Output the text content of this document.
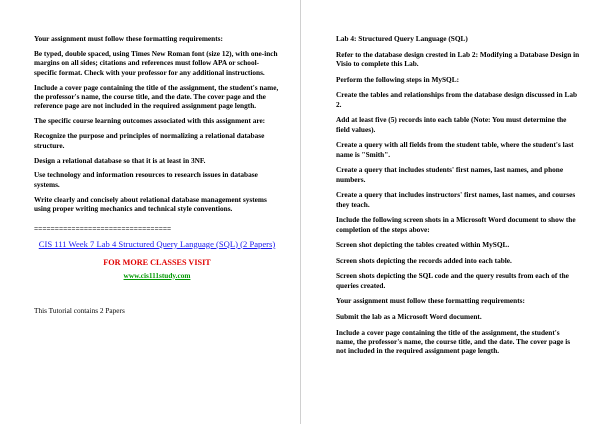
Your assignment must follow these formatting requirements:

Be typed, double spaced, using Times New Roman font (size 12), with one-inch margins on all sides; citations and references must follow APA or school-specific format. Check with your professor for any additional instructions.

Include a cover page containing the title of the assignment, the student's name, the professor's name, the course title, and the date. The cover page and the reference page are not included in the required assignment page length.

The specific course learning outcomes associated with this assignment are:

Recognize the purpose and principles of normalizing a relational database structure.

Design a relational database so that it is at least in 3NF.

Use technology and information resources to research issues in database systems.

Write clearly and concisely about relational database management systems using proper writing mechanics and technical style conventions.

=================================
CIS 111 Week 7 Lab 4 Structured Query Language (SQL) (2 Papers)
FOR MORE CLASSES VISIT
www.cis111study.com

This Tutorial contains 2 Papers

Lab 4: Structured Query Language (SQL)

Refer to the database design crested in Lab 2: Modifying a Database Design in Visio to complete this Lab.

Perform the following steps in MySQL:

Create the tables and relationships from the database design discussed in Lab 2.

Add at least five (5) records into each table (Note: You must determine the field values).

Create a query with all fields from the student table, where the student's last name is "Smith".

Create a query that includes students' first names, last names, and phone numbers.

Create a query that includes instructors' first names, last names, and courses they teach.

Include the following screen shots in a Microsoft Word document to show the completion of the steps above:

Screen shot depicting the tables created within MySQL.

Screen shots depicting the records added into each table.

Screen shots depicting the SQL code and the query results from each of the queries created.

Your assignment must follow these formatting requirements:

Submit the lab as a Microsoft Word document.

Include a cover page containing the title of the assignment, the student's name, the professor's name, the course title, and the date. The cover page is not included in the required assignment page length.
